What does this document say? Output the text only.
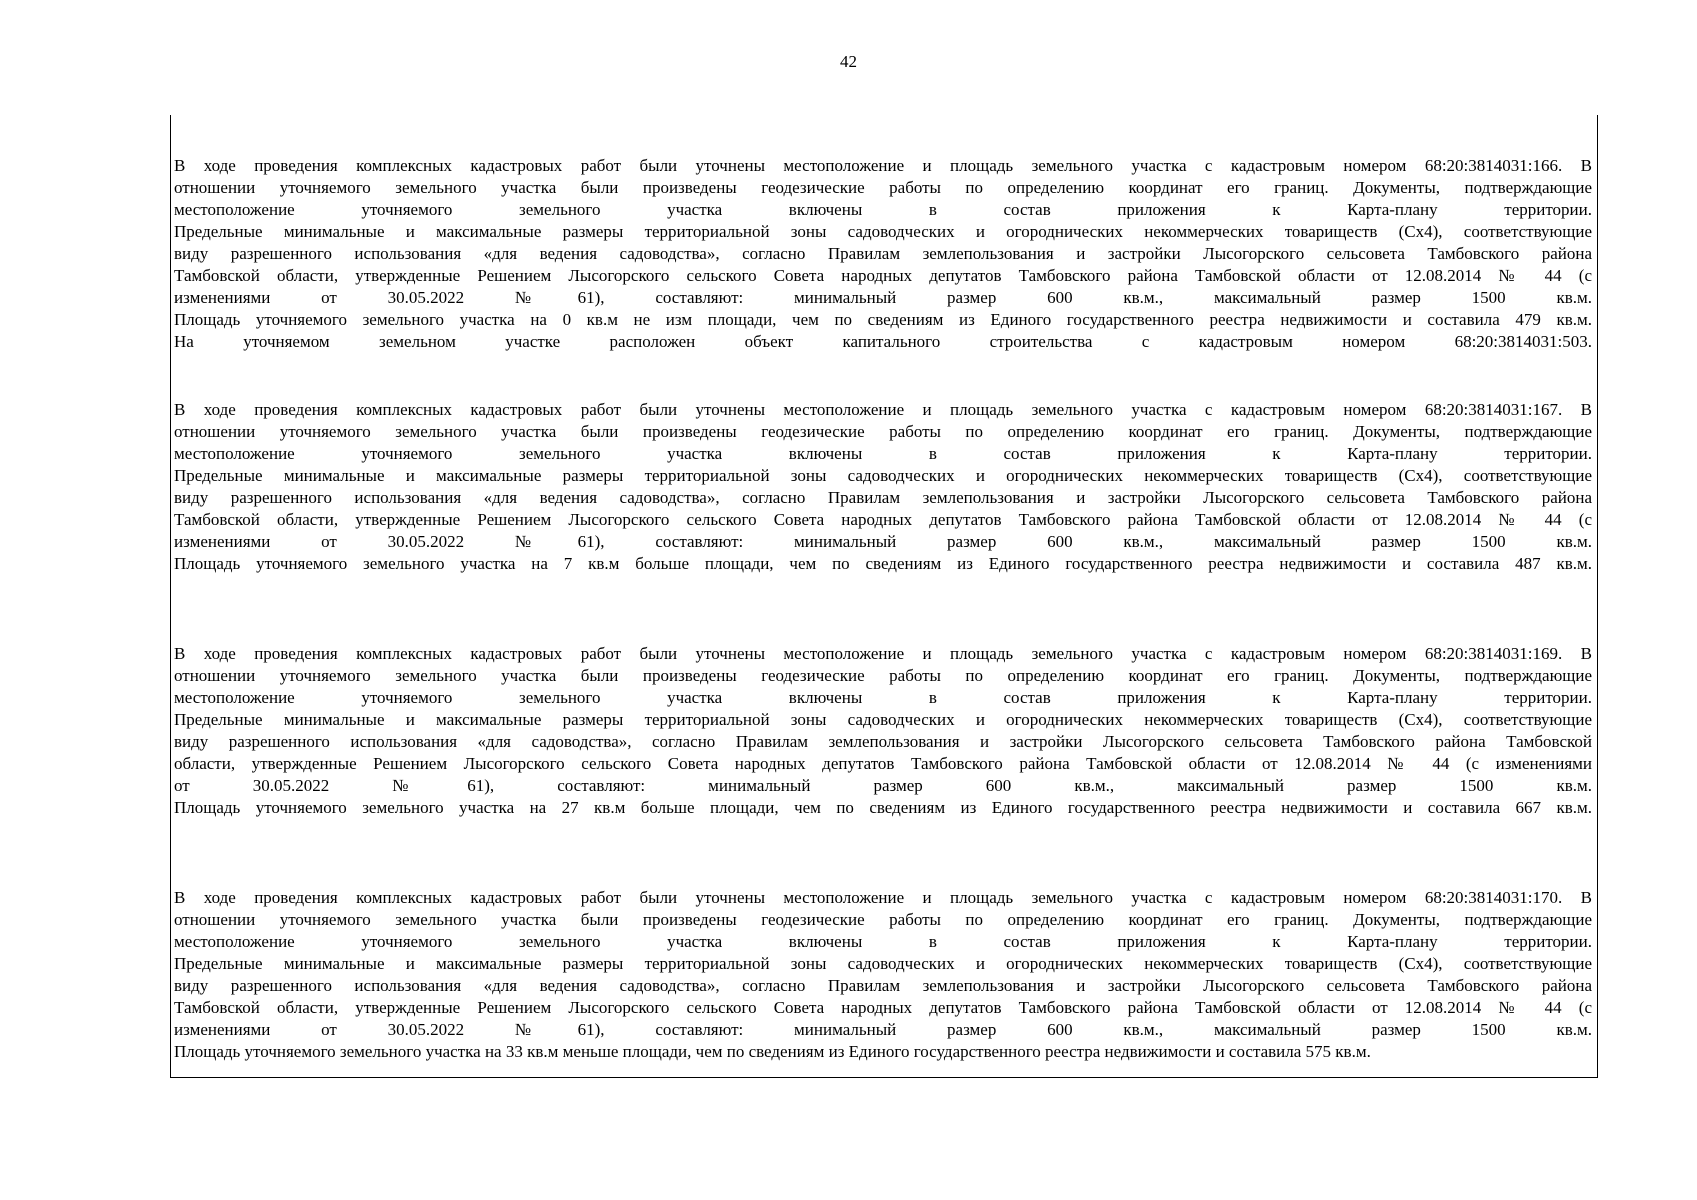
42
В ходе проведения комплексных кадастровых работ были уточнены местоположение и площадь земельного участка с кадастровым номером 68:20:3814031:166. В
отношении уточняемого земельного участка были произведены геодезические работы по определению координат его границ. Документы, подтверждающие
местоположение уточняемого земельного участка включены в состав приложения к Карта-плану территории.
Предельные минимальные и максимальные размеры территориальной зоны садоводческих и огороднических некоммерческих товариществ (Сх4), соответствующие
виду разрешенного использования «для ведения садоводства», согласно Правилам землепользования и застройки Лысогорского сельсовета Тамбовского района
Тамбовской области, утвержденные Решением Лысогорского сельского Совета народных депутатов Тамбовского района Тамбовской области от 12.08.2014 № 44 (с
изменениями от 30.05.2022 №61), составляют: минимальный размер 600 кв.м., максимальный размер 1500 кв.м.
Площадь уточняемого земельного участка на 0 кв.м не изм площади, чем по сведениям из Единого государственного реестра недвижимости и составила 479 кв.м.
На уточняемом земельном участке расположен объект капитального строительства с кадастровым номером 68:20:3814031:503.
В ходе проведения комплексных кадастровых работ были уточнены местоположение и площадь земельного участка с кадастровым номером 68:20:3814031:167. В
отношении уточняемого земельного участка были произведены геодезические работы по определению координат его границ. Документы, подтверждающие
местоположение уточняемого земельного участка включены в состав приложения к Карта-плану территории.
Предельные минимальные и максимальные размеры территориальной зоны садоводческих и огороднических некоммерческих товариществ (Сх4), соответствующие
виду разрешенного использования «для ведения садоводства», согласно Правилам землепользования и застройки Лысогорского сельсовета Тамбовского района
Тамбовской области, утвержденные Решением Лысогорского сельского Совета народных депутатов Тамбовского района Тамбовской области от 12.08.2014 № 44 (с
изменениями от 30.05.2022 №61), составляют: минимальный размер 600 кв.м., максимальный размер 1500 кв.м.
Площадь уточняемого земельного участка на 7 кв.м больше площади, чем по сведениям из Единого государственного реестра недвижимости и составила 487 кв.м.
В ходе проведения комплексных кадастровых работ были уточнены местоположение и площадь земельного участка с кадастровым номером 68:20:3814031:169. В
отношении уточняемого земельного участка были произведены геодезические работы по определению координат его границ. Документы, подтверждающие
местоположение уточняемого земельного участка включены в состав приложения к Карта-плану территории.
Предельные минимальные и максимальные размеры территориальной зоны садоводческих и огороднических некоммерческих товариществ (Сх4), соответствующие
виду разрешенного использования «для садоводства», согласно Правилам землепользования и застройки Лысогорского сельсовета Тамбовского района Тамбовской
области, утвержденные Решением Лысогорского сельского Совета народных депутатов Тамбовского района Тамбовской области от 12.08.2014 № 44 (с изменениями
от 30.05.2022 №61), составляют: минимальный размер 600 кв.м., максимальный размер 1500 кв.м.
Площадь уточняемого земельного участка на 27 кв.м больше площади, чем по сведениям из Единого государственного реестра недвижимости и составила 667 кв.м.
В ходе проведения комплексных кадастровых работ были уточнены местоположение и площадь земельного участка с кадастровым номером 68:20:3814031:170. В
отношении уточняемого земельного участка были произведены геодезические работы по определению координат его границ. Документы, подтверждающие
местоположение уточняемого земельного участка включены в состав приложения к Карта-плану территории.
Предельные минимальные и максимальные размеры территориальной зоны садоводческих и огороднических некоммерческих товариществ (Сх4), соответствующие
виду разрешенного использования «для ведения садоводства», согласно Правилам землепользования и застройки Лысогорского сельсовета Тамбовского района
Тамбовской области, утвержденные Решением Лысогорского сельского Совета народных депутатов Тамбовского района Тамбовской области от 12.08.2014 № 44 (с
изменениями от 30.05.2022 №61), составляют: минимальный размер 600 кв.м., максимальный размер 1500 кв.м.
Площадь уточняемого земельного участка на 33 кв.м меньше площади, чем по сведениям из Единого государственного реестра недвижимости и составила 575 кв.м.
